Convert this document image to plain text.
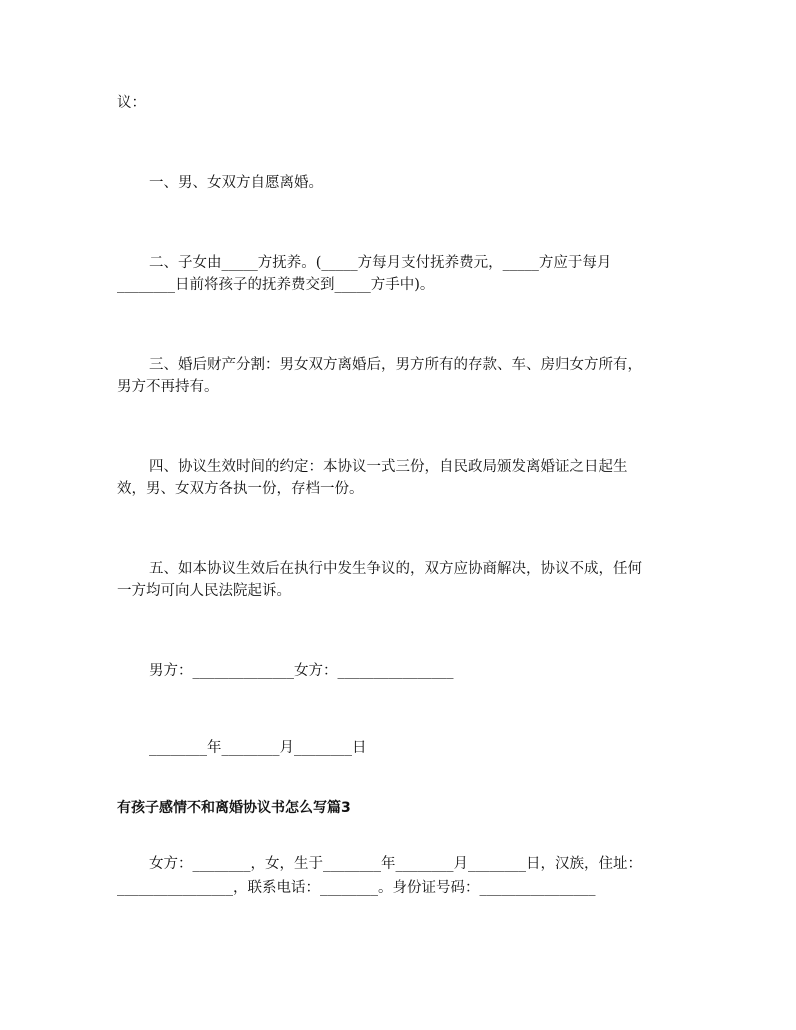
议：
一、男、女双方自愿离婚。
二、子女由_____方抚养。(_____方每月支付抚养费元，_____方应于每月
________日前将孩子的抚养费交到_____方手中)。
三、婚后财产分割：男女双方离婚后，男方所有的存款、车、房归女方所有，
男方不再持有。
四、协议生效时间的约定：本协议一式三份，自民政局颁发离婚证之日起生
效，男、女双方各执一份，存档一份。
五、如本协议生效后在执行中发生争议的，双方应协商解决，协议不成，任何
一方均可向人民法院起诉。
男方：______________女方：________________
________年________月________日
有孩子感情不和离婚协议书怎么写篇3
女方：________，女，生于________年________月________日，汉族，住址：
________________，联系电话：________。身份证号码：________________
